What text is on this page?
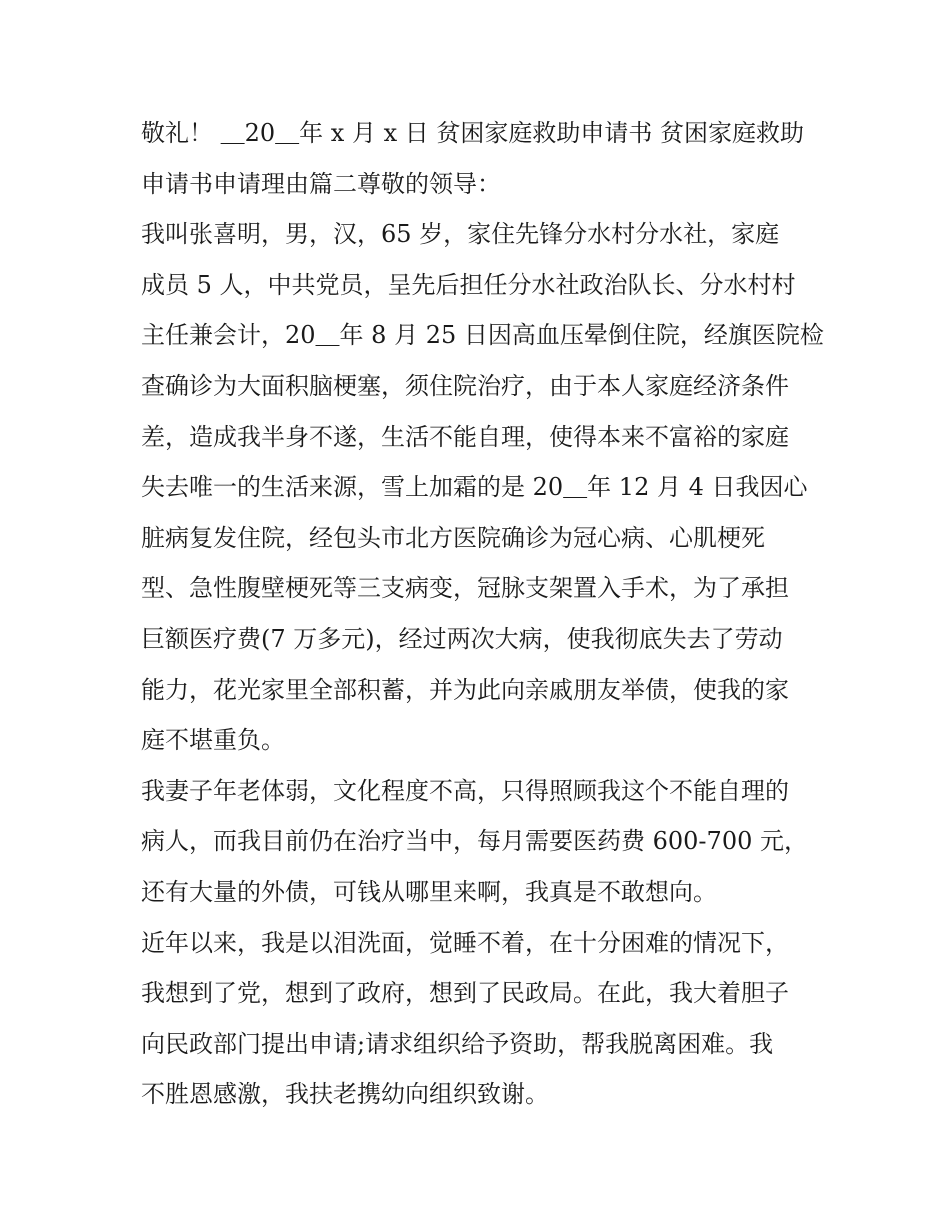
敬礼！ ＿20＿年 x 月 x 日 贫困家庭救助申请书 贫困家庭救助
申请书申请理由篇二尊敬的领导：
我叫张喜明，男，汉，65 岁，家住先锋分水村分水社，家庭
成员 5 人，中共党员，呈先后担任分水社政治队长、分水村村
主任兼会计，20＿年 8 月 25 日因高血压晕倒住院，经旗医院检
查确诊为大面积脑梗塞，须住院治疗，由于本人家庭经济条件
差，造成我半身不遂，生活不能自理，使得本来不富裕的家庭
失去唯一的生活来源，雪上加霜的是 20＿年 12 月 4 日我因心
脏病复发住院，经包头市北方医院确诊为冠心病、心肌梗死
型、急性腹壁梗死等三支病变，冠脉支架置入手术，为了承担
巨额医疗费(7 万多元)，经过两次大病，使我彻底失去了劳动
能力，花光家里全部积蓄，并为此向亲戚朋友举债，使我的家
庭不堪重负。
我妻子年老体弱，文化程度不高，只得照顾我这个不能自理的
病人，而我目前仍在治疗当中，每月需要医药费 600-700 元，
还有大量的外债，可钱从哪里来啊，我真是不敢想向。
近年以来，我是以泪洗面，觉睡不着，在十分困难的情况下，
我想到了党，想到了政府，想到了民政局。在此，我大着胆子
向民政部门提出申请;请求组织给予资助，帮我脱离困难。我
不胜恩感激，我扶老携幼向组织致谢。
